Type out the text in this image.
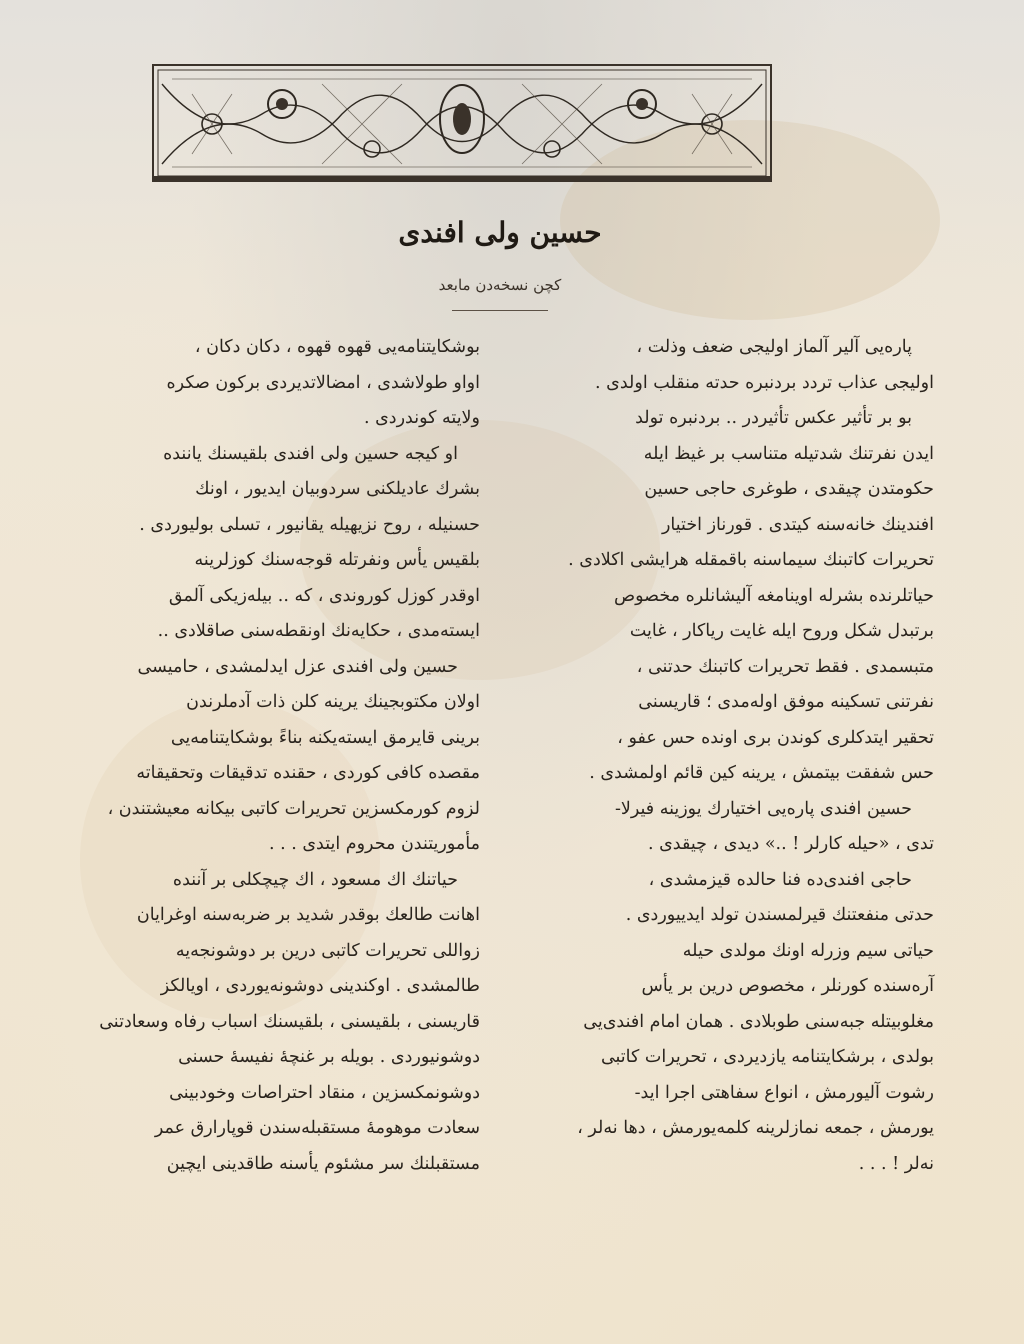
حسين ولى افندى
كچن نسخه‌دن مابعد

پاره‌یی آلیر آلماز اولیجی ضعف وذلت ،

اولیجی عذاب تردد بردنبره حدته منقلب اولدی .

بو بر تأثیر عکس تأثیردر .. بردنبره تولد

ایدن نفرتنك شدتیله متناسب بر غیظ ایله

حکومتدن چیقدی ، طوغری حاجی حسین

افندینك خانه‌سنه کیتدی . قورناز اختیار

تحریرات کاتبنك سیماسنه باقمقله هرایشی اکلادی .

حیاتلرنده بشرله اوینامغه آلیشانلره مخصوص

برتبدل شکل وروح ایله غایت ریاکار ، غایت

متبسمدی . فقط تحریرات کاتبنك حدتنی ،

نفرتنی تسکینه موفق اوله‌مدی ؛ قاریسنی

تحقیر ایتدکلری کوندن بری اونده حس عفو ،

حس شفقت بیتمش ، یرینه کین قائم اولمشدی .

حسین افندی پاره‌یی اختیارك یوزینه فیرلا-

تدی ، «حیله کارلر ! ..» دیدی ، چیقدی .

حاجی افندی‌ده فنا حالده قیزمشدی ،

حدتی منفعتنك قیرلمسندن تولد ایدییوردی .

حیاتی سیم وزرله اونك مولدی حیله

آره‌سنده کورنلر ، مخصوص درین بر یأس

مغلوبیتله جبه‌سنی طوبلادی . همان امام افندی‌یی

بولدی ، برشکایتنامه یازدیردی ، تحریرات کاتبی

رشوت آلیورمش ، انواع سفاهتی اجرا اید-

یورمش ، جمعه نمازلرینه کلمه‌یورمش ، دها نه‌لر ،

نه‌لر ! . . .

بوشکایتنامه‌یی قهوه قهوه ، دکان دکان ،

اواو طولاشدی ، امضالاتدیردی برکون صکره

ولایته کوندردی .

او کیجه حسین ولی افندی بلقیسنك یاننده

بشرك عادیلکنی سردوبیان ایدیور ، اونك

حسنیله ، روح نزیهیله یقانیور ، تسلی بولیوردی .

بلقیس یأس ونفرتله قوجه‌سنك کوزلرینه

اوقدر کوزل کوروندی ، که .. بیله‌زیکی آلمق

ایسته‌مدی ، حکایه‌نك اونقطه‌سنی صاقلادی ..

حسین ولی افندی عزل ایدلمشدی ، حامیسی

اولان مکتوبجینك یرینه کلن ذات آدملرندن

برینی قایرمق ایسته‌یکنه بناءً بوشکایتنامه‌یی

مقصده کافی کوردی ، حقنده تدقیقات وتحقیقاته

لزوم کورمکسزین تحریرات کاتبی بیکانه معیشتندن ،

مأموریتندن محروم ایتدی . . .

حیاتنك اك مسعود ، اك چیچکلی بر آننده

اهانت طالعك بوقدر شدید بر ضربه‌سنه اوغرایان

زواللی تحریرات کاتبی درین بر دوشونجه‌یه

طالمشدی . اوکندینی دوشونه‌یوردی ، اویالکز

قاریسنی ، بلقیسنی ، بلقیسنك اسباب رفاه وسعادتنی

دوشونیوردی . بویله بر غنچهٔ نفیسهٔ حسنی

دوشونمکسزین ، منقاد احتراصات وخودبینی

سعادت موهومهٔ مستقبله‌سندن قوپارارق عمر

مستقبلنك سر مشئوم یأسنه طاقدینی ایچین
